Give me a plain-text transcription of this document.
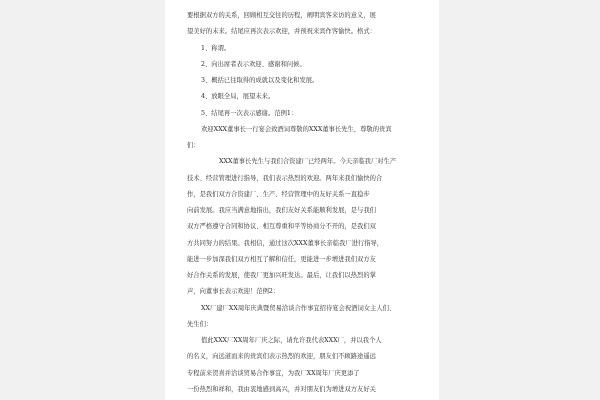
要根据双方的关系，回顾相互交往的历程，阐明宾客来访的意义，展
望美好的未来。结尾应再次表示欢迎，并预祝来宾作客愉快。格式：
1、称谓。
2、向出席者表示欢迎、感谢和问候。
3、概括已往取得的成就以及变化和发展。
4、放眼全局，展望未来。
5、结尾再一次表示感谢。范例1：
欢迎XXX董事长一行宴会致酒词尊敬的XXX董事长先生，尊敬的贵宾
们：
XXX董事长先生与我们合资建厂已经两年。今天亲临我厂对生产
技术、经营管理进行指导，我们表示热烈的欢迎。两年来我们愉快的合
作，是我们双方合资建厂、生产、经营管理中的友好关系一直稳步
向前发展。我应当满意地指出，我们友好关系能顺利发展，是与我们
双方严格遵守合同和协议、相互尊重和平等协商分不开的，是我们双
方共同努力的结果。我相信，通过这次XXX董事长亲临我厂进行指导，
能进一步加深我们双方相互了解和信任，更能进一步增进我们双方友
好合作关系的发展，使我厂更加兴旺发达。最后，让我们以热烈的掌
声，向董事长表示欢迎！范例2：
XX厂建厂XX周年庆典暨贸易洽谈合作事宜招待宴会祝酒词女主人们、
先生们：
值此XXX厂XX周年厂庆之际，请允许我代表XXX厂，并以我个人
的名义，向远道而来的贵宾们表示热烈的欢迎，朋友们不顾路途遥远
专程前来贺喜并洽谈贸易合作事宜，为我厂XX周年厂庆更添了
一份热烈和祥和，我由衷地感到高兴，并对朋友们为增进双方友好关
